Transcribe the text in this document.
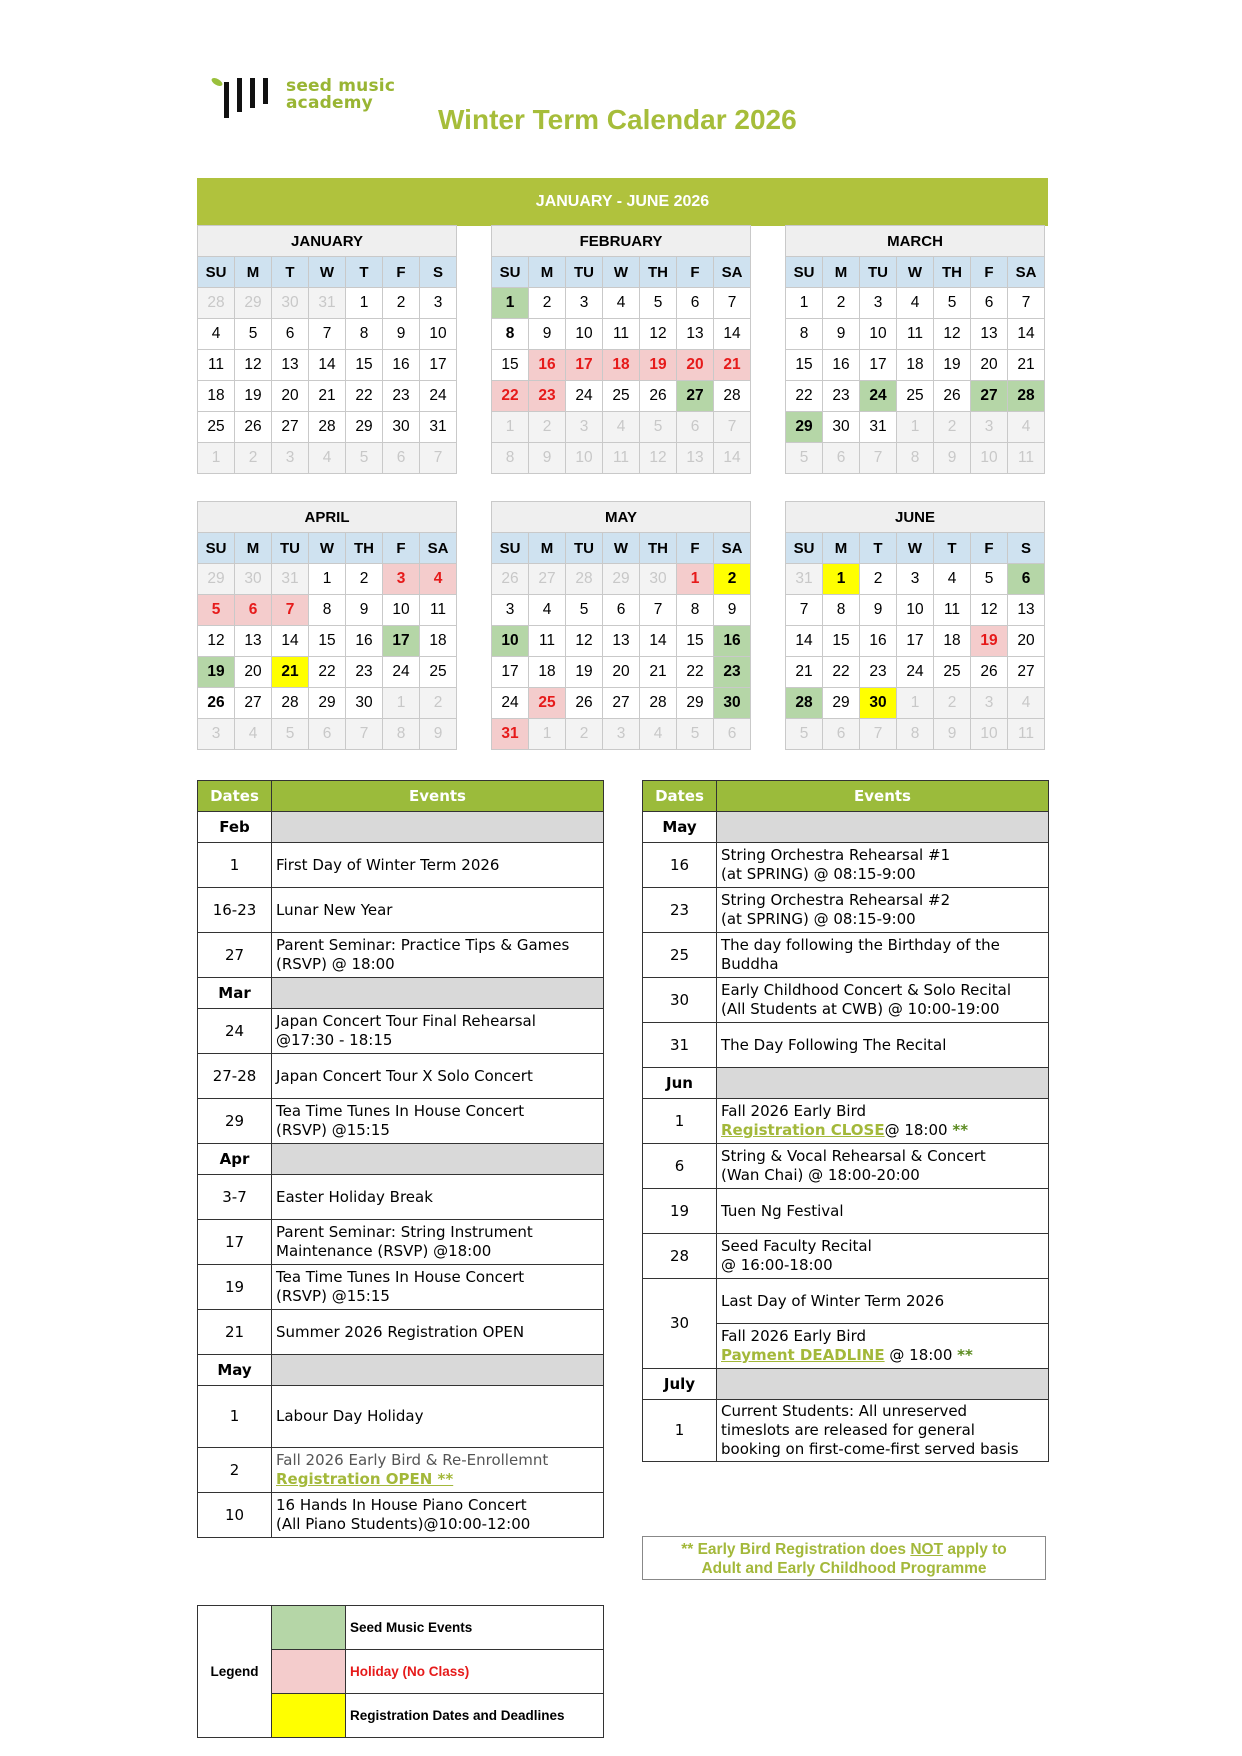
seed music
academy
Winter Term Calendar 2026
JANUARY - JUNE 2026
JANUARY						
SU	M	T	W	T	F	S
28	29	30	31	1	2	3
4	5	6	7	8	9	10
11	12	13	14	15	16	17
18	19	20	21	22	23	24
25	26	27	28	29	30	31
1	2	3	4	5	6	7
FEBRUARY						
SU	M	TU	W	TH	F	SA
1	2	3	4	5	6	7
8	9	10	11	12	13	14
15	16	17	18	19	20	21
22	23	24	25	26	27	28
1	2	3	4	5	6	7
8	9	10	11	12	13	14
MARCH						
SU	M	TU	W	TH	F	SA
1	2	3	4	5	6	7
8	9	10	11	12	13	14
15	16	17	18	19	20	21
22	23	24	25	26	27	28
29	30	31	1	2	3	4
5	6	7	8	9	10	11
APRIL						
SU	M	TU	W	TH	F	SA
29	30	31	1	2	3	4
5	6	7	8	9	10	11
12	13	14	15	16	17	18
19	20	21	22	23	24	25
26	27	28	29	30	1	2
3	4	5	6	7	8	9
MAY						
SU	M	TU	W	TH	F	SA
26	27	28	29	30	1	2
3	4	5	6	7	8	9
10	11	12	13	14	15	16
17	18	19	20	21	22	23
24	25	26	27	28	29	30
31	1	2	3	4	5	6
JUNE						
SU	M	T	W	T	F	S
31	1	2	3	4	5	6
7	8	9	10	11	12	13
14	15	16	17	18	19	20
21	22	23	24	25	26	27
28	29	30	1	2	3	4
5	6	7	8	9	10	11
Dates	Events
Feb	
1	First Day of Winter Term 2026

16-23	Lunar New Year

27	Parent Seminar: Practice Tips & Games
(RSVP) @ 18:00

Mar	
24	Japan Concert Tour Final Rehearsal
@17:30 - 18:15

27-28	Japan Concert Tour X Solo Concert

29	Tea Time Tunes In House Concert
(RSVP) @15:15

Apr	
3-7	Easter Holiday Break

17	Parent Seminar: String Instrument
Maintenance (RSVP) @18:00

19	Tea Time Tunes In House Concert
(RSVP) @15:15

21	Summer 2026 Registration OPEN

May	
1	Labour Day Holiday

2	Fall 2026 Early Bird & Re-Enrollemnt
Registration OPEN **

10	16 Hands In House Piano Concert
(All Piano Students)@10:00-12:00
Dates	Events
May	
16	String Orchestra Rehearsal #1
(at SPRING) @ 08:15-9:00

23	String Orchestra Rehearsal #2
(at SPRING) @ 08:15-9:00

25	The day following the Birthday of the
Buddha

30	Early Childhood Concert & Solo Recital
(All Students at CWB) @ 10:00-19:00

31	The Day Following The Recital

Jun	
1	Fall 2026 Early Bird
Registration CLOSE@ 18:00 **

6	String & Vocal Rehearsal & Concert
(Wan Chai) @ 18:00-20:00

19	Tuen Ng Festival

28	Seed Faculty Recital
@ 16:00-18:00

30	Last Day of Winter Term 2026

	Fall 2026 Early Bird
Payment DEADLINE @ 18:00 **

July	
1	Current Students: All unreserved
timeslots are released for general
booking on first-come-first served basis
** Early Bird Registration does NOT apply to
Adult and Early Childhood Programme
Legend		Seed Music Events
		Holiday (No Class)
		Registration Dates and Deadlines
